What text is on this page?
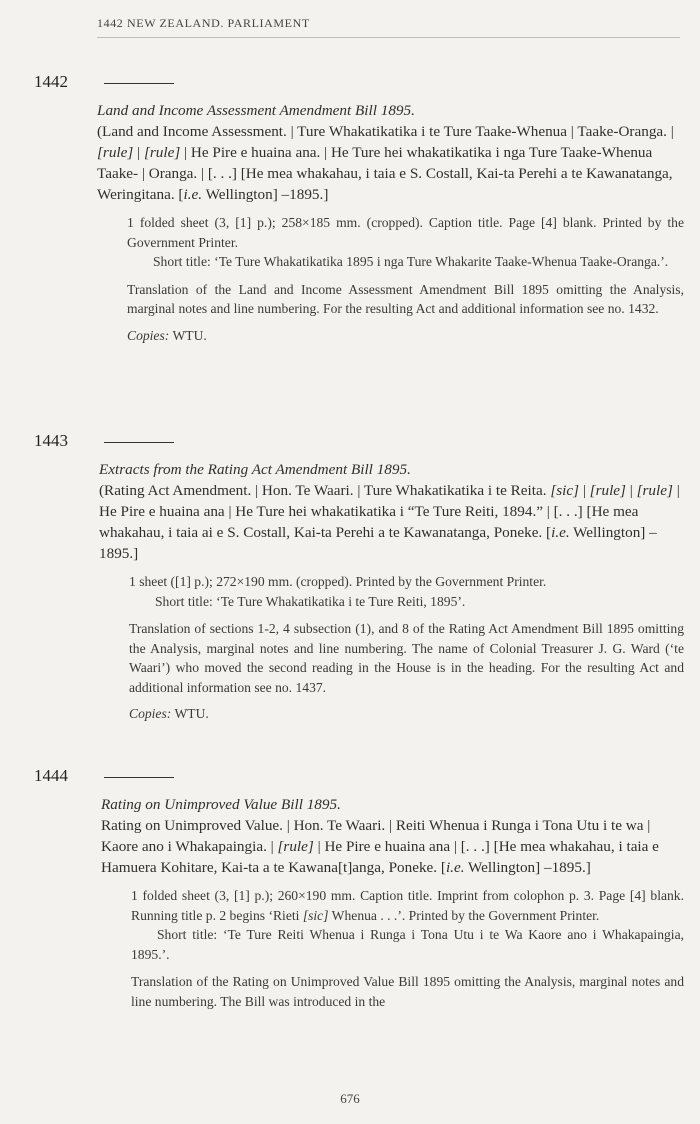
1442 NEW ZEALAND. PARLIAMENT
1442
Land and Income Assessment Amendment Bill 1895.
(Land and Income Assessment. | Ture Whakatikatika i te Ture Taake-Whenua | Taake-Oranga. | [rule] | [rule] | He Pire e huaina ana. | He Ture hei whakatikatika i nga Ture Taake-Whenua Taake- | Oranga. | [. . .] [He mea whakahau, i taia e S. Costall, Kai-ta Perehi a te Kawanatanga, Weringitana. [i.e. Wellington] –1895.]

1 folded sheet (3, [1] p.); 258×185 mm. (cropped). Caption title. Page [4] blank. Printed by the Government Printer.

Short title: ‘Te Ture Whakatikatika 1895 i nga Ture Whakarite Taake-Whenua Taake-Oranga.’.

Translation of the Land and Income Assessment Amendment Bill 1895 omitting the Analysis, marginal notes and line numbering. For the resulting Act and additional information see no. 1432.

Copies: WTU.

1443
Extracts from the Rating Act Amendment Bill 1895.
(Rating Act Amendment. | Hon. Te Waari. | Ture Whakatikatika i te Reita. [sic] | [rule] | [rule] | He Pire e huaina ana | He Ture hei whakatikatika i “Te Ture Reiti, 1894.” | [. . .] [He mea whakahau, i taia ai e S. Costall, Kai-ta Perehi a te Kawanatanga, Poneke. [i.e. Wellington] –1895.]

1 sheet ([1] p.); 272×190 mm. (cropped). Printed by the Government Printer.

Short title: ‘Te Ture Whakatikatika i te Ture Reiti, 1895’.

Translation of sections 1-2, 4 subsection (1), and 8 of the Rating Act Amendment Bill 1895 omitting the Analysis, marginal notes and line numbering. The name of Colonial Treasurer J. G. Ward (‘te Waari’) who moved the second reading in the House is in the heading. For the resulting Act and additional information see no. 1437.

Copies: WTU.

1444
Rating on Unimproved Value Bill 1895.
Rating on Unimproved Value. | Hon. Te Waari. | Reiti Whenua i Runga i Tona Utu i te wa | Kaore ano i Whakapaingia. | [rule] | He Pire e huaina ana | [. . .] [He mea whakahau, i taia e Hamuera Kohitare, Kai-ta a te Kawana[t]anga, Poneke. [i.e. Wellington] –1895.]

1 folded sheet (3, [1] p.); 260×190 mm. Caption title. Imprint from colophon p. 3. Page [4] blank. Running title p. 2 begins ‘Rieti [sic] Whenua . . .’. Printed by the Government Printer.

Short title: ‘Te Ture Reiti Whenua i Runga i Tona Utu i te Wa Kaore ano i Whakapaingia, 1895.’.

Translation of the Rating on Unimproved Value Bill 1895 omitting the Analysis, marginal notes and line numbering. The Bill was introduced in the

676
